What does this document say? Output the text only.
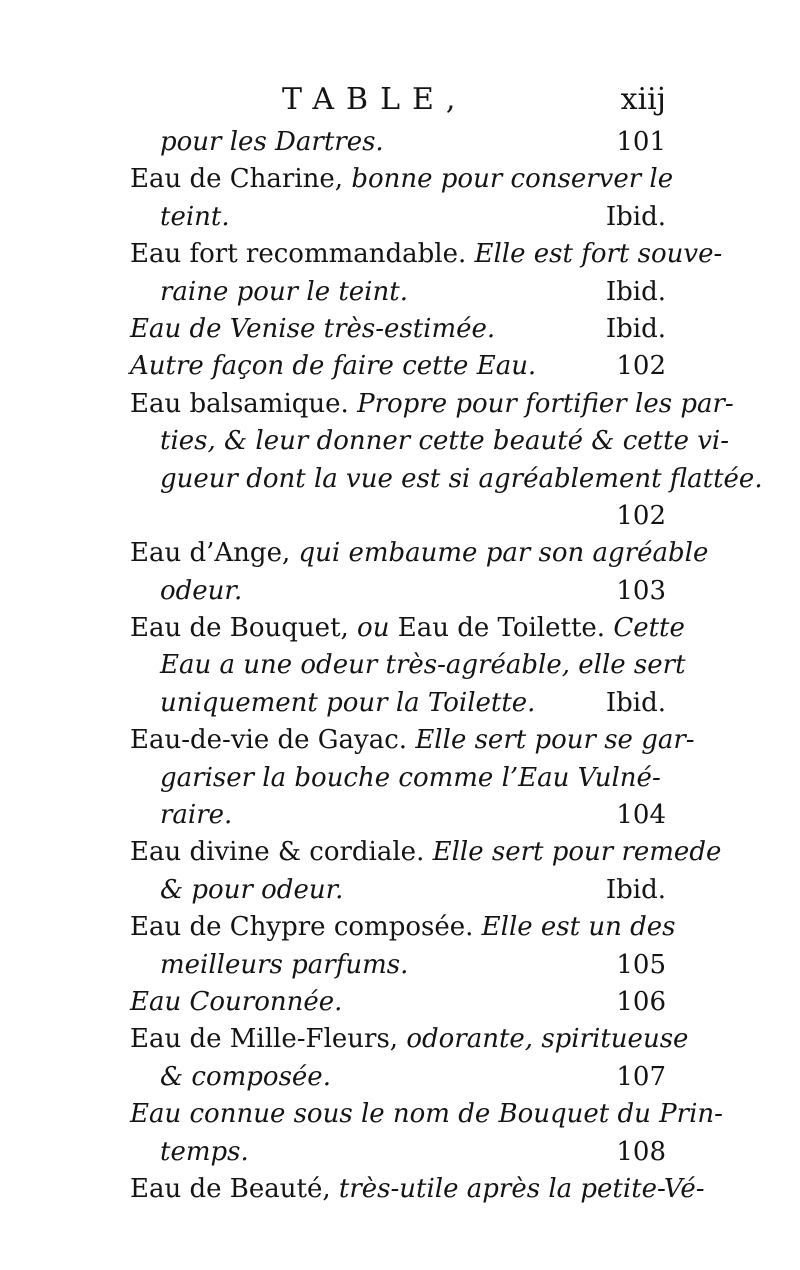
TABLE,	xiij
pour les Dartres.	101
Eau de Charine, bonne pour conserver le
teint.	Ibid.
Eau fort recommandable. Elle est fort souve-
raine pour le teint.	Ibid.
Eau de Venise très-estimée.	Ibid.
Autre façon de faire cette Eau.	102
Eau balsamique. Propre pour fortifier les par-
ties, & leur donner cette beauté & cette vi-
gueur dont la vue est si agréablement flattée.
102
Eau d’Ange, qui embaume par son agréable
odeur.	103
Eau de Bouquet, ou Eau de Toilette. Cette
Eau a une odeur très-agréable, elle sert
uniquement pour la Toilette.	Ibid.
Eau-de-vie de Gayac. Elle sert pour se gar-
gariser la bouche comme l’Eau Vulné-
raire.	104
Eau divine & cordiale. Elle sert pour remede
& pour odeur.	Ibid.
Eau de Chypre composée. Elle est un des
meilleurs parfums.	105
Eau Couronnée.	106
Eau de Mille-Fleurs, odorante, spiritueuse
& composée.	107
Eau connue sous le nom de Bouquet du Prin-
temps.	108
Eau de Beauté, très-utile après la petite-Vé-
